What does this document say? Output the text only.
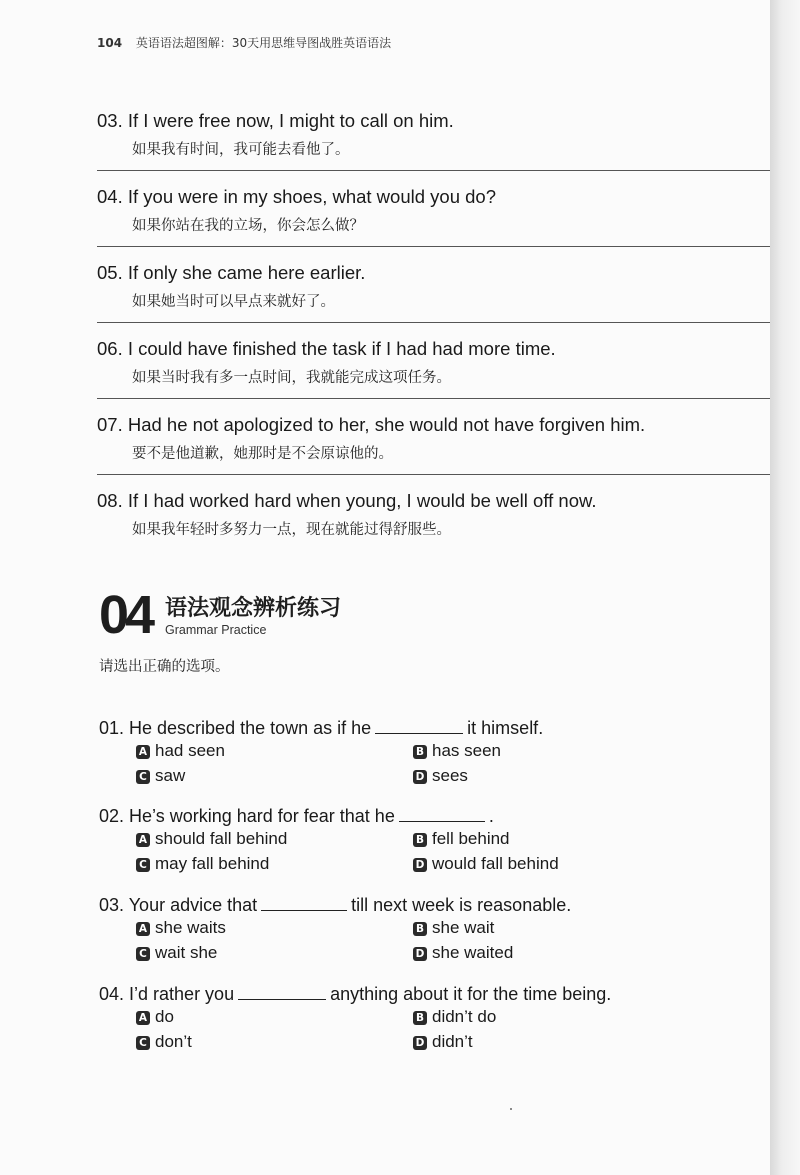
104 英语语法超图解：30天用思维导图战胜英语语法
03. If I were free now, I might to call on him.
如果我有时间，我可能去看他了。
04. If you were in my shoes, what would you do?
如果你站在我的立场，你会怎么做？
05. If only she came here earlier.
如果她当时可以早点来就好了。
06. I could have finished the task if I had had more time.
如果当时我有多一点时间，我就能完成这项任务。
07. Had he not apologized to her, she would not have forgiven him.
要不是他道歉，她那时是不会原谅他的。
08. If I had worked hard when young, I would be well off now.
如果我年轻时多努力一点，现在就能过得舒服些。
04 语法观念辨析练习
Grammar Practice
请选出正确的选项。
01. He described the town as if he	it himself.
A had seen	B has seen
C saw	D sees
02. He’s working hard for fear that he	.
A should fall behind	B fell behind
C may fall behind	D would fall behind
03. Your advice that	till next week is reasonable.
A she waits	B she wait
C wait she	D she waited
04. I’d rather you	anything about it for the time being.
A do	B didn’t do
C don’t	D didn’t
